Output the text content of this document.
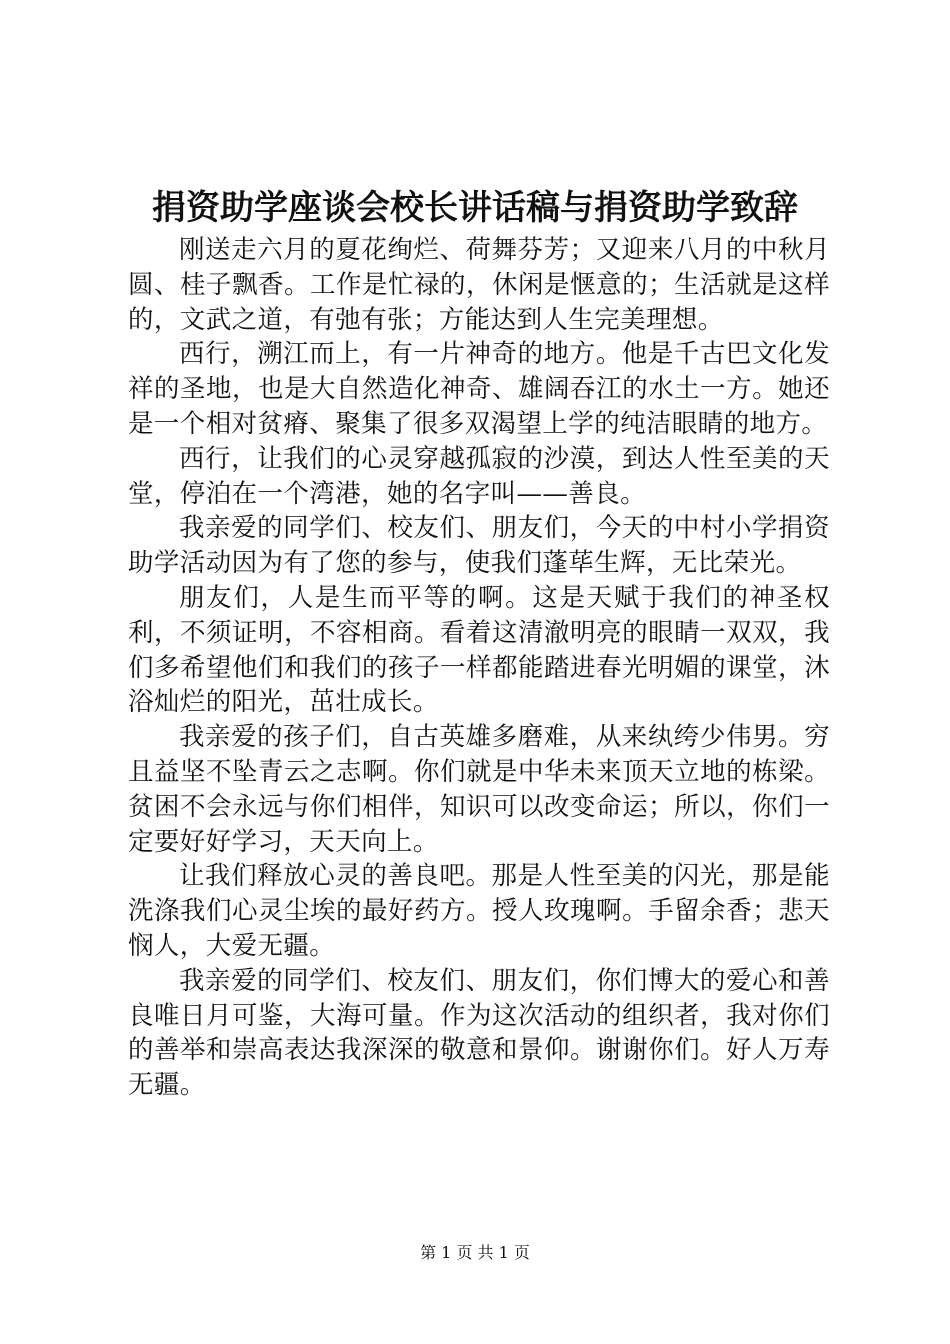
捐资助学座谈会校长讲话稿与捐资助学致辞

刚送走六月的夏花绚烂、荷舞芬芳；又迎来八月的中秋月圆、桂子飘香。工作是忙禄的，休闲是惬意的；生活就是这样的，文武之道，有弛有张；方能达到人生完美理想。

西行，溯江而上，有一片神奇的地方。他是千古巴文化发祥的圣地，也是大自然造化神奇、雄阔吞江的水土一方。她还是一个相对贫瘠、聚集了很多双渴望上学的纯洁眼睛的地方。

西行，让我们的心灵穿越孤寂的沙漠，到达人性至美的天堂，停泊在一个湾港，她的名字叫——善良。

我亲爱的同学们、校友们、朋友们，今天的中村小学捐资助学活动因为有了您的参与，使我们蓬荜生辉，无比荣光。

朋友们，人是生而平等的啊。这是天赋于我们的神圣权利，不须证明，不容相商。看着这清澈明亮的眼睛一双双，我们多希望他们和我们的孩子一样都能踏进春光明媚的课堂，沐浴灿烂的阳光，茁壮成长。

我亲爱的孩子们，自古英雄多磨难，从来纨绔少伟男。穷且益坚不坠青云之志啊。你们就是中华未来顶天立地的栋梁。贫困不会永远与你们相伴，知识可以改变命运；所以，你们一定要好好学习，天天向上。

让我们释放心灵的善良吧。那是人性至美的闪光，那是能洗涤我们心灵尘埃的最好药方。授人玫瑰啊。手留余香；悲天悯人，大爱无疆。

我亲爱的同学们、校友们、朋友们，你们博大的爱心和善良唯日月可鉴，大海可量。作为这次活动的组织者，我对你们的善举和崇高表达我深深的敬意和景仰。谢谢你们。好人万寿无疆。

第 1 页 共 1 页
